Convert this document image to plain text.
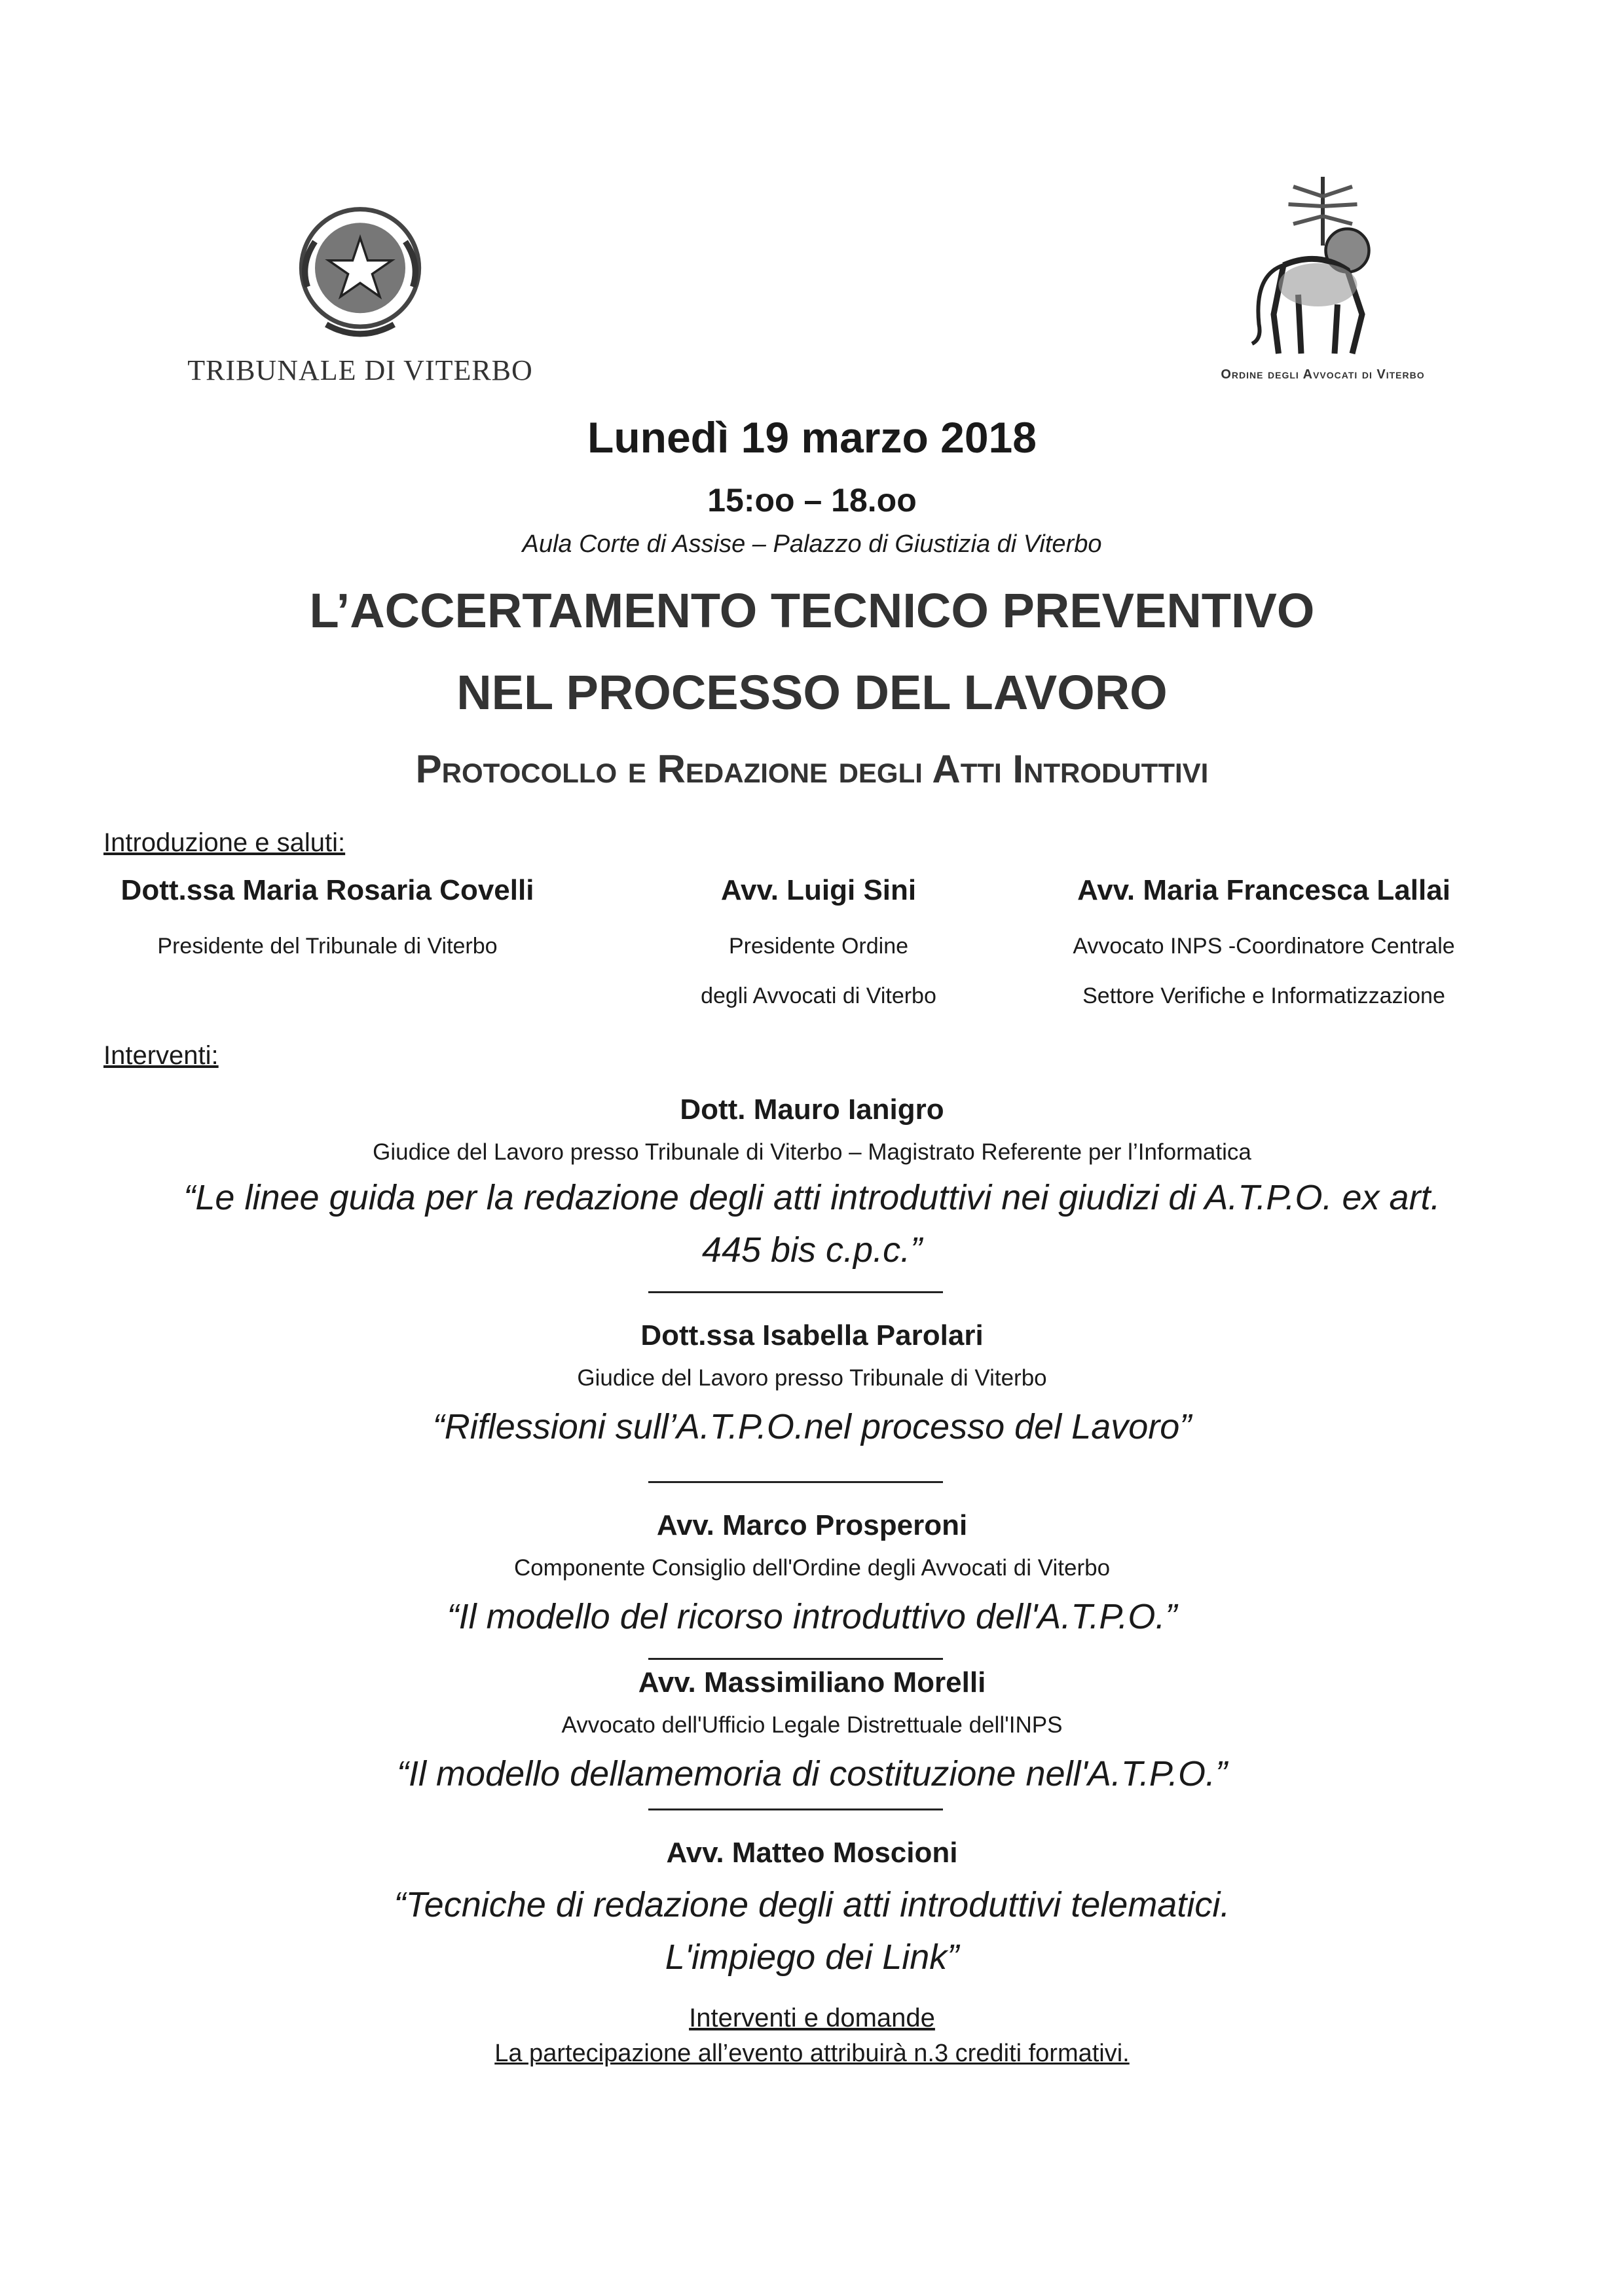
TRIBUNALE DI VITERBO	Ordine degli Avvocati di Viterbo
Lunedì 19 marzo 2018
15:oo – 18.oo
Aula Corte di Assise – Palazzo di Giustizia di Viterbo
L’ACCERTAMENTO TECNICO PREVENTIVO
NEL PROCESSO DEL LAVORO
Protocollo e Redazione degli Atti Introduttivi
Introduzione e saluti:
Dott.ssa Maria Rosaria Covelli
Presidente del Tribunale di Viterbo
Avv. Luigi Sini
Presidente Ordine
degli Avvocati di Viterbo
Avv. Maria Francesca Lallai
Avvocato INPS -Coordinatore Centrale
Settore Verifiche e Informatizzazione
Interventi:
Dott. Mauro Ianigro
Giudice del Lavoro presso Tribunale di Viterbo – Magistrato Referente per l’Informatica
“Le linee guida per la redazione degli atti introduttivi nei giudizi di A.T.P.O. ex art.
445 bis c.p.c.”
Dott.ssa Isabella Parolari
Giudice del Lavoro presso Tribunale di Viterbo
“Riflessioni sull’A.T.P.O.nel processo del Lavoro”
Avv. Marco Prosperoni
Componente Consiglio dell'Ordine degli Avvocati di Viterbo
“Il modello del ricorso introduttivo dell'A.T.P.O.”
Avv. Massimiliano Morelli
Avvocato dell'Ufficio Legale Distrettuale dell'INPS
“Il modello dellamemoria di costituzione nell'A.T.P.O.”
Avv. Matteo Moscioni
“Tecniche di redazione degli atti introduttivi telematici.
L'impiego dei Link”
Interventi e domande
La partecipazione all’evento attribuirà n.3 crediti formativi.
